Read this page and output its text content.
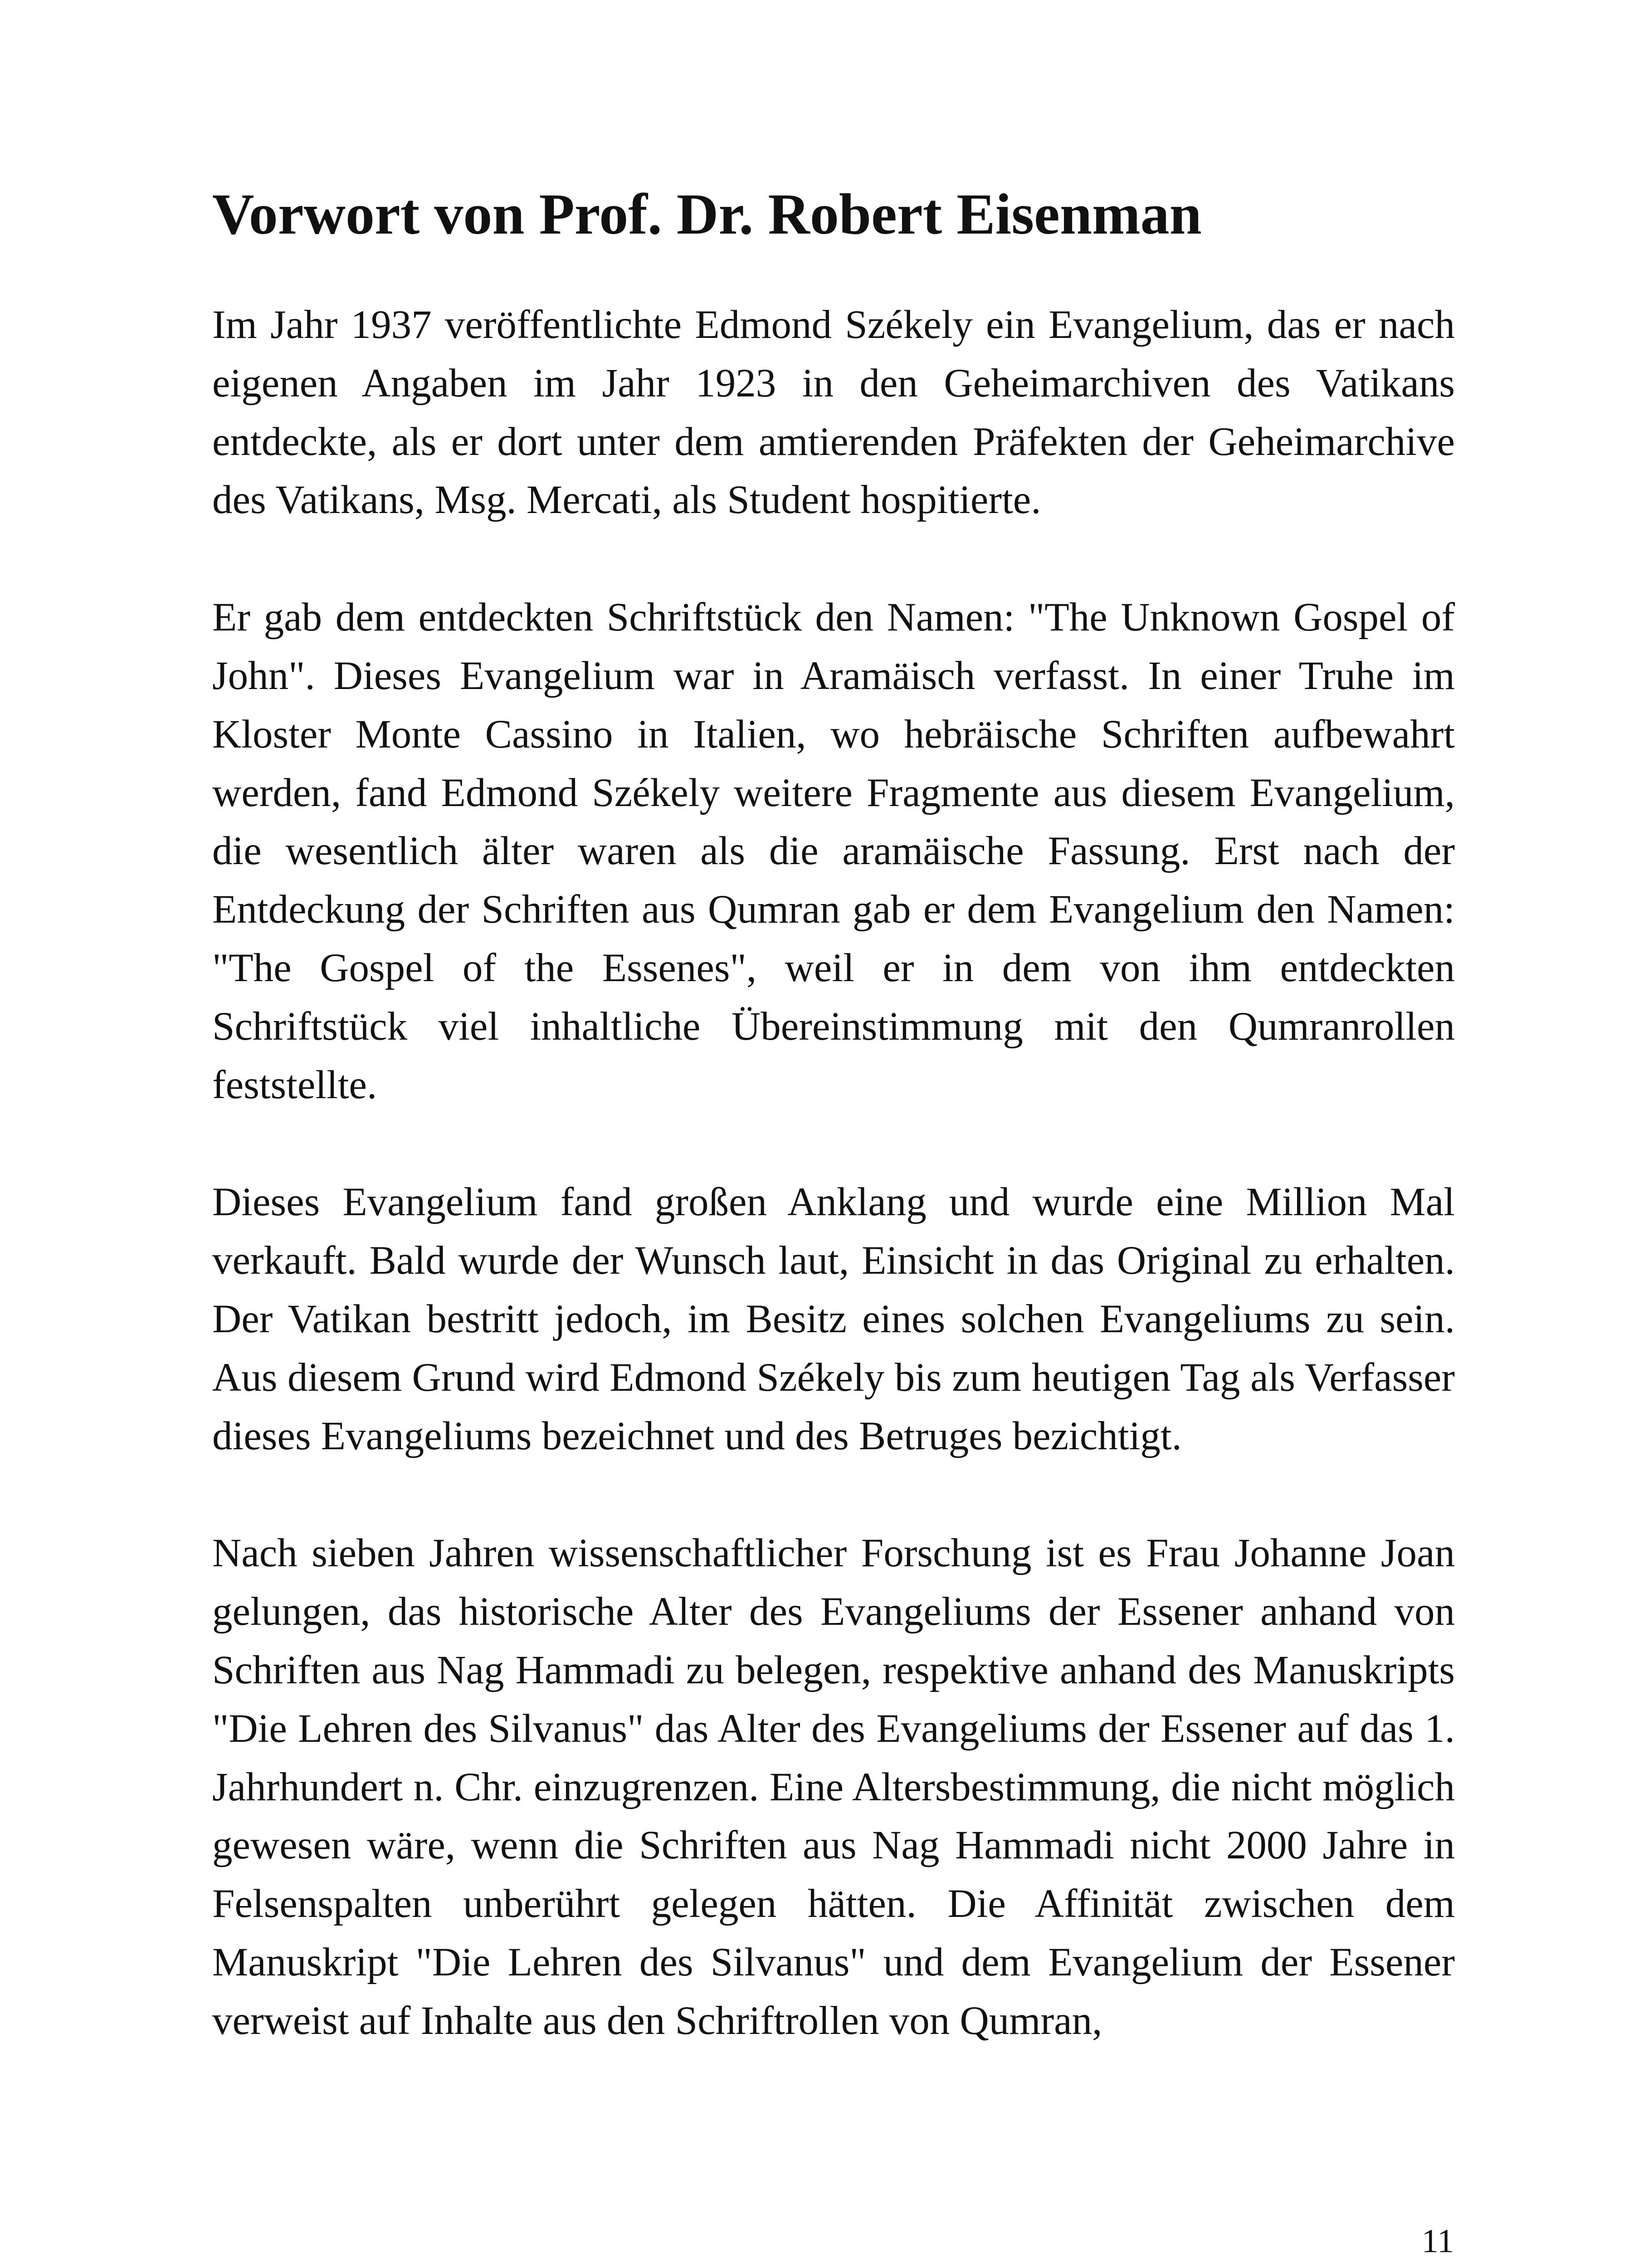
Vorwort von Prof. Dr. Robert Eisenman

Im Jahr 1937 veröffentlichte Edmond Székely ein Evangelium, das er nach eigenen Angaben im Jahr 1923 in den Geheimarchiven des Vatikans entdeckte, als er dort unter dem amtierenden Präfekten der Geheimarchive des Vatikans, Msg. Mercati, als Student hospitierte.

Er gab dem entdeckten Schriftstück den Namen: "The Unknown Gospel of John". Dieses Evangelium war in Aramäisch verfasst. In einer Truhe im Kloster Monte Cassino in Italien, wo hebräische Schriften aufbewahrt werden, fand Edmond Székely weitere Fragmente aus diesem Evangelium, die wesentlich älter waren als die aramäische Fassung. Erst nach der Entdeckung der Schriften aus Qumran gab er dem Evangelium den Namen: "The Gospel of the Essenes", weil er in dem von ihm entdeckten Schriftstück viel inhaltliche Übereinstimmung mit den Qumranrollen feststellte.

Dieses Evangelium fand großen Anklang und wurde eine Million Mal verkauft. Bald wurde der Wunsch laut, Einsicht in das Original zu erhalten. Der Vatikan bestritt jedoch, im Besitz eines solchen Evangeliums zu sein. Aus diesem Grund wird Edmond Székely bis zum heutigen Tag als Verfasser dieses Evangeliums bezeichnet und des Betruges bezichtigt.

Nach sieben Jahren wissenschaftlicher Forschung ist es Frau Johanne Joan gelungen, das historische Alter des Evangeliums der Essener anhand von Schriften aus Nag Hammadi zu belegen, respektive anhand des Manuskripts "Die Lehren des Silvanus" das Alter des Evangeliums der Essener auf das 1. Jahrhundert n. Chr. einzugrenzen. Eine Altersbestimmung, die nicht möglich gewesen wäre, wenn die Schriften aus Nag Hammadi nicht 2000 Jahre in Felsenspalten unberührt gelegen hätten. Die Affinität zwischen dem Manuskript "Die Lehren des Silvanus" und dem Evangelium der Essener verweist auf Inhalte aus den Schriftrollen von Qumran,

11
